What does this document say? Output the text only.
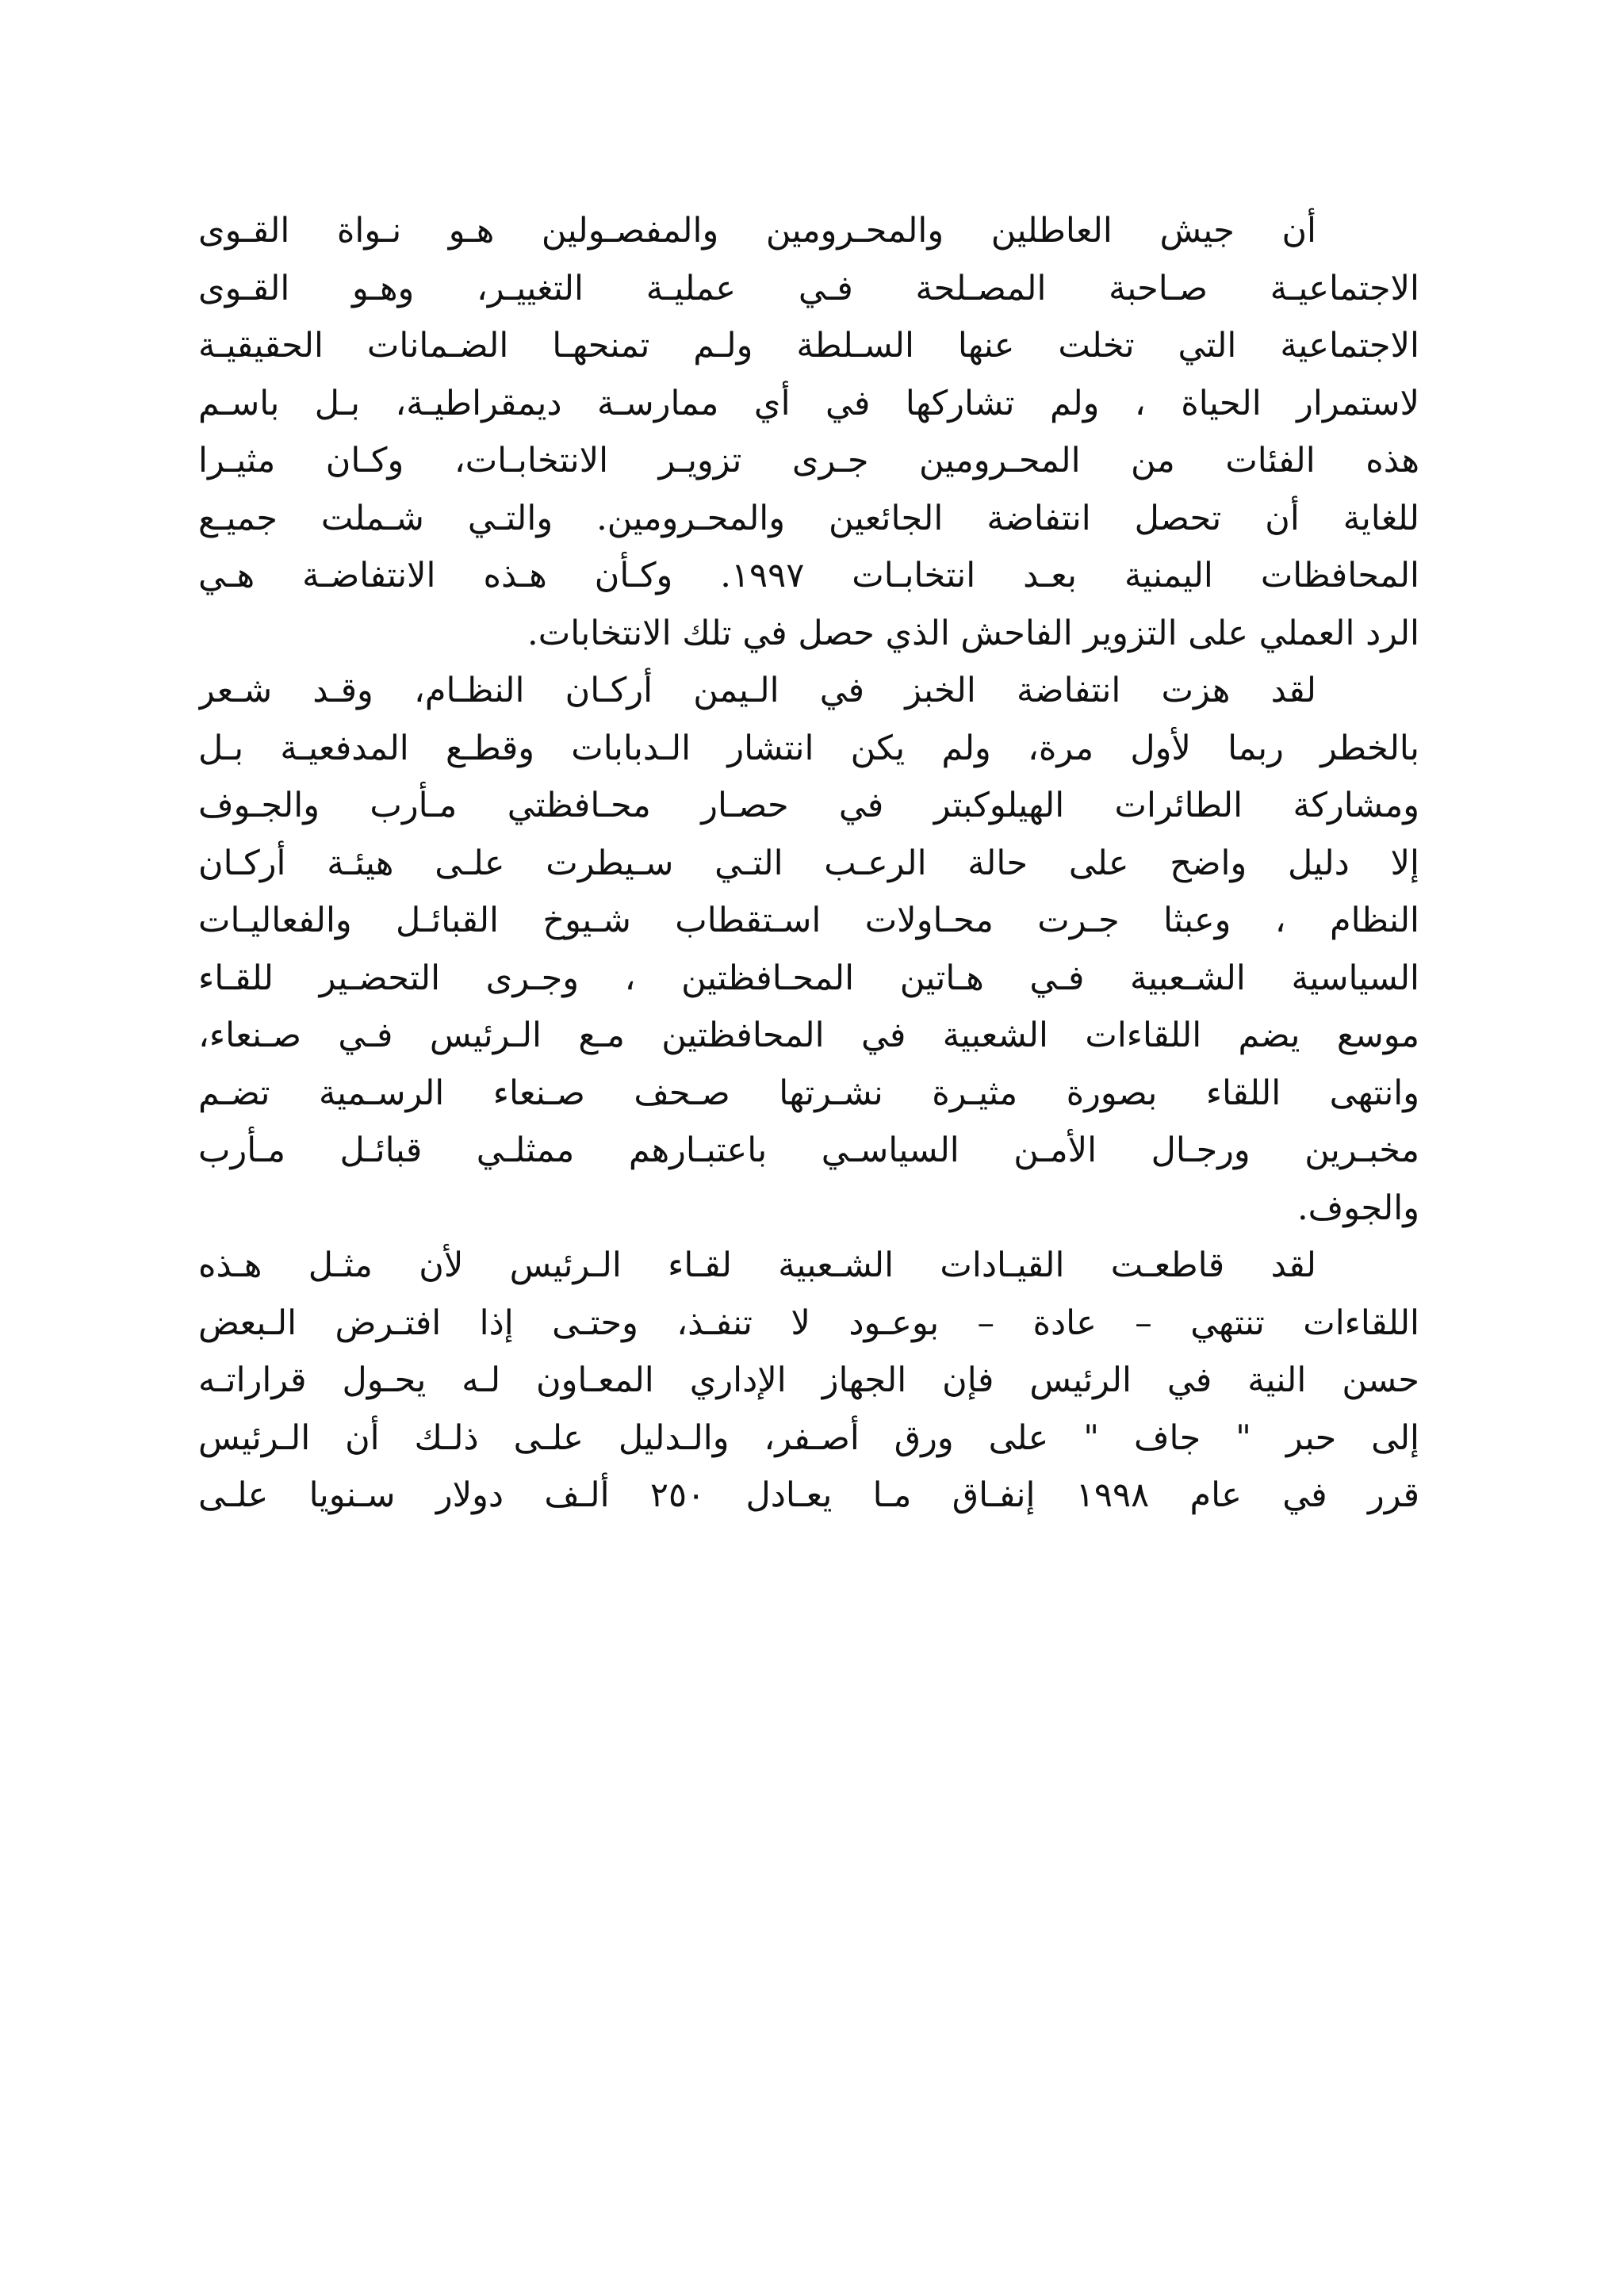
أن جيش العاطلين والمحـرومين والمفصـولين هـو نـواة القـوى
الاجتماعيـة صـاحبة المصـلحة فـي عمليـة التغييـر، وهـو القـوى
الاجتماعية التي تخلت عنها السـلطة ولـم تمنحهـا الضـمانات الحقيقيـة
لاستمرار الحياة ، ولم تشاركها في أي ممارسـة ديمقراطيـة، بـل باسـم
هذه الفئات من المحـرومين جـرى تزويـر الانتخابـات، وكـان مثيـرا
للغاية أن تحصل انتفاضة الجائعين والمحـرومين. والتـي شـملت جميـع
المحافظات اليمنية بعـد انتخابـات ١٩٩٧. وكـأن هـذه الانتفاضـة هـي
الرد العملي على التزوير الفاحش الذي حصل في تلك الانتخابات.
لقد هزت انتفاضة الخبز في الـيمن أركـان النظـام، وقـد شـعر
بالخطر ربما لأول مرة، ولم يكن انتشار الـدبابات وقطـع المدفعيـة بـل
ومشاركة الطائرات الهيلوكبتر في حصـار محـافظتي مـأرب والجـوف
إلا دليل واضح على حالة الرعـب التـي سـيطرت علـى هيئـة أركـان
النظام ، وعبثا جـرت محـاولات اسـتقطاب شـيوخ القبائـل والفعاليـات
السياسية الشـعبية فـي هـاتين المحـافظتين ، وجـرى التحضـير للقـاء
موسع يضم اللقاءات الشعبية في المحافظتين مـع الـرئيس فـي صـنعاء،
وانتهى اللقاء بصورة مثيـرة نشـرتها صـحف صـنعاء الرسـمية تضـم
مخبـرين ورجـال الأمـن السياسـي باعتبـارهم ممثلـي قبائـل مـأرب
والجوف.
لقد قاطعـت القيـادات الشـعبية لقـاء الـرئيس لأن مثـل هـذه
اللقاءات تنتهي – عادة – بوعـود لا تنفـذ، وحتـى إذا افتـرض الـبعض
حسن النية في الرئيس فإن الجهاز الإداري المعـاون لـه يحـول قراراتـه
إلى حبر " جاف " على ورق أصـفر، والـدليل علـى ذلـك أن الـرئيس
قرر في عام ١٩٩٨ إنفـاق مـا يعـادل ٢٥٠ ألـف دولار سـنويا علـى
